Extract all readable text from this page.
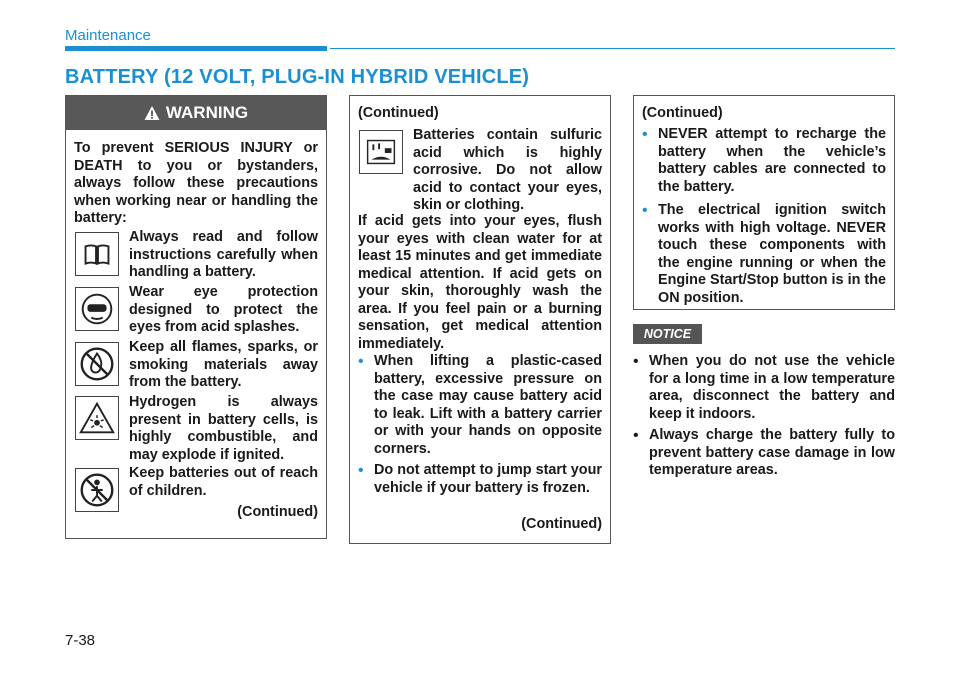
Maintenance
BATTERY (12 VOLT, PLUG-IN HYBRID VEHICLE)
WARNING

To prevent SERIOUS INJURY or DEATH to you or bystanders, always follow these precautions when working near or handling the battery:

Always read and follow instructions carefully when handling a battery.

Wear eye protection designed to protect the eyes from acid splashes.

Keep all flames, sparks, or smoking materials away from the battery.

Hydrogen is always present in battery cells, is highly combustible, and may explode if ignited.

Keep batteries out of reach of children.

(Continued)
(Continued)

Batteries contain sulfuric acid which is highly corrosive. Do not allow acid to contact your eyes, skin or clothing.

If acid gets into your eyes, flush your eyes with clean water for at least 15 minutes and get immediate medical attention. If acid gets on your skin, thoroughly wash the area. If you feel pain or a burning sensation, get medical attention immediately.

• When lifting a plastic-cased battery, excessive pressure on the case may cause battery acid to leak. Lift with a battery carrier or with your hands on opposite corners.

• Do not attempt to jump start your vehicle if your battery is frozen.

(Continued)
(Continued)
• NEVER attempt to recharge the battery when the vehicle’s battery cables are connected to the battery.

• The electrical ignition switch works with high voltage. NEVER touch these components with the engine running or when the Engine Start/Stop button is in the ON position.

NOTICE
• When you do not use the vehicle for a long time in a low temperature area, disconnect the battery and keep it indoors.

• Always charge the battery fully to prevent battery case damage in low temperature areas.

7-38
